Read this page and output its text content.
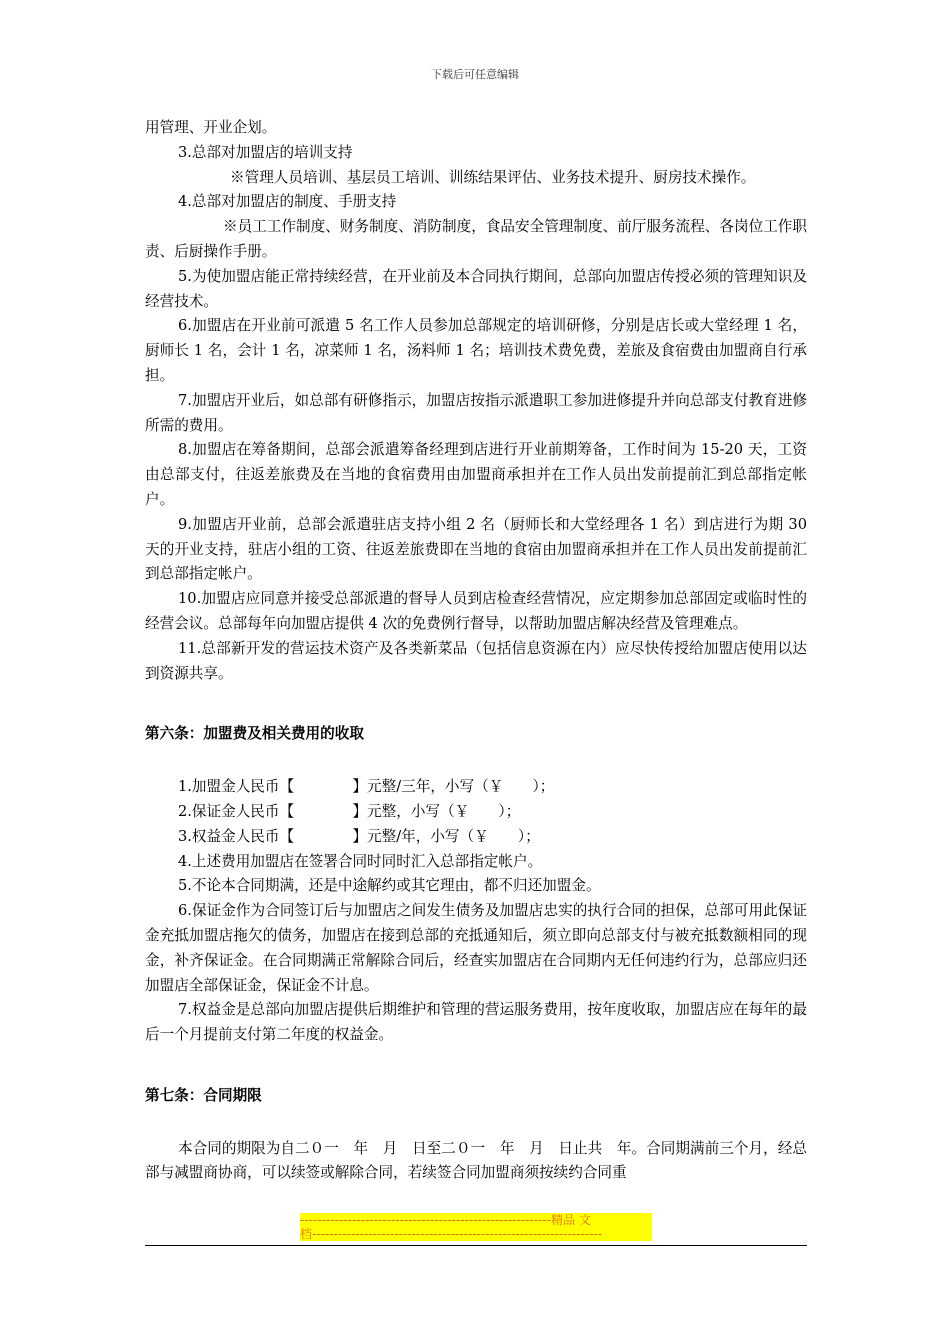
下载后可任意编辑

用管理、开业企划。

3.总部对加盟店的培训支持

※管理人员培训、基层员工培训、训练结果评估、业务技术提升、厨房技术操作。

4.总部对加盟店的制度、手册支持

※员工工作制度、财务制度、消防制度，食品安全管理制度、前厅服务流程、各岗位工作职责、后厨操作手册。

5.为使加盟店能正常持续经营，在开业前及本合同执行期间，总部向加盟店传授必须的管理知识及经营技术。

6.加盟店在开业前可派遣 5 名工作人员参加总部规定的培训研修，分别是店长或大堂经理 1 名，厨师长 1 名，会计 1 名，凉菜师 1 名，汤料师 1 名；培训技术费免费，差旅及食宿费由加盟商自行承担。

7.加盟店开业后，如总部有研修指示，加盟店按指示派遣职工参加进修提升并向总部支付教育进修所需的费用。

8.加盟店在筹备期间，总部会派遣筹备经理到店进行开业前期筹备，工作时间为 15-20 天，工资由总部支付，往返差旅费及在当地的食宿费用由加盟商承担并在工作人员出发前提前汇到总部指定帐户。

9.加盟店开业前，总部会派遣驻店支持小组 2 名（厨师长和大堂经理各 1 名）到店进行为期 30 天的开业支持，驻店小组的工资、往返差旅费即在当地的食宿由加盟商承担并在工作人员出发前提前汇到总部指定帐户。

10.加盟店应同意并接受总部派遣的督导人员到店检查经营情况，应定期参加总部固定或临时性的经营会议。总部每年向加盟店提供 4 次的免费例行督导，以帮助加盟店解决经营及管理难点。

11.总部新开发的营运技术资产及各类新菜品（包括信息资源在内）应尽快传授给加盟店使用以达到资源共享。

第六条：加盟费及相关费用的收取

1.加盟金人民币【　　　　】元整/三年，小写（￥　　）；

2.保证金人民币【　　　　】元整，小写（￥　　）；

3.权益金人民币【　　　　】元整/年，小写（￥　　）；

4.上述费用加盟店在签署合同时同时汇入总部指定帐户。

5.不论本合同期满，还是中途解约或其它理由，都不归还加盟金。

6.保证金作为合同签订后与加盟店之间发生债务及加盟店忠实的执行合同的担保，总部可用此保证金充抵加盟店拖欠的债务，加盟店在接到总部的充抵通知后，须立即向总部支付与被充抵数额相同的现金，补齐保证金。在合同期满正常解除合同后，经查实加盟店在合同期内无任何违约行为，总部应归还加盟店全部保证金，保证金不计息。

7.权益金是总部向加盟店提供后期维护和管理的营运服务费用，按年度收取，加盟店应在每年的最后一个月提前支付第二年度的权益金。

第七条：合同期限

本合同的期限为自二０一　年　月　日至二０一　年　月　日止共　年。合同期满前三个月，经总部与减盟商协商，可以续签或解除合同，若续签合同加盟商须按续约合同重

----------------------------------------------------------精品 文
档-------------------------------------------------------------------
